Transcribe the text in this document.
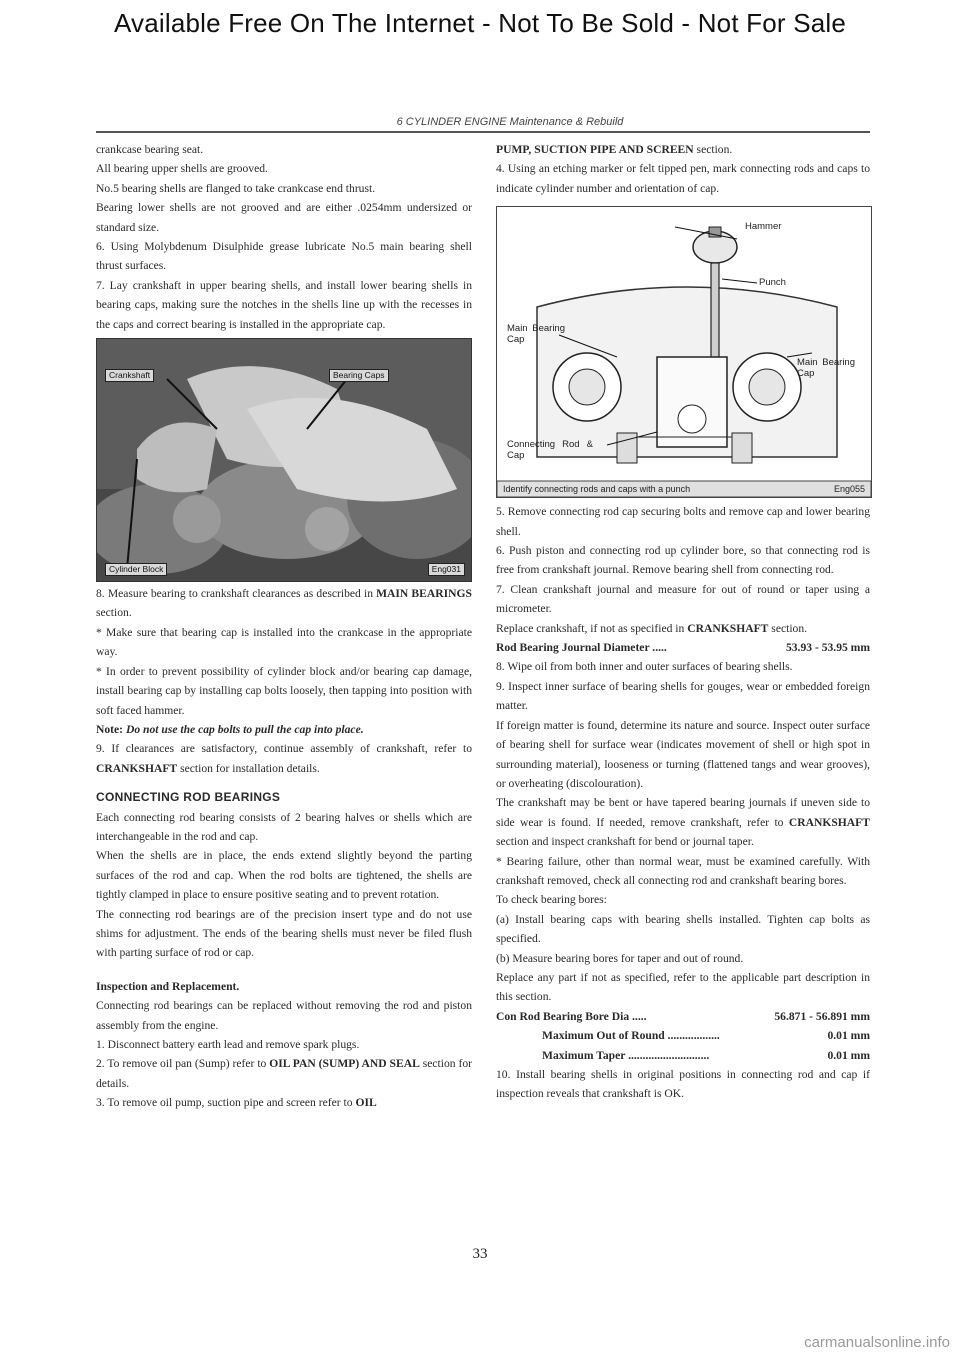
Available Free On The Internet - Not To Be Sold - Not For Sale
6 CYLINDER ENGINE Maintenance & Rebuild

crankcase bearing seat.

All bearing upper shells are grooved.

No.5 bearing shells are flanged to take crankcase end thrust.

Bearing lower shells are not grooved and are either .0254mm undersized or standard size.

6. Using Molybdenum Disulphide grease lubricate No.5 main bearing shell thrust surfaces.

7. Lay crankshaft in upper bearing shells, and install lower bearing shells in bearing caps, making sure the notches in the shells line up with the recesses in the caps and correct bearing is installed in the appropriate cap.

Crankshaft	Bearing Caps
Cylinder Block	Eng031

8. Measure bearing to crankshaft clearances as described in MAIN BEARINGS section.

* Make sure that bearing cap is installed into the crankcase in the appropriate way.

* In order to prevent possibility of cylinder block and/or bearing cap damage, install bearing cap by installing cap bolts loosely, then tapping into position with soft faced hammer.

Note: Do not use the cap bolts to pull the cap into place.

9. If clearances are satisfactory, continue assembly of crankshaft, refer to CRANKSHAFT section for installation details.

CONNECTING ROD BEARINGS

Each connecting rod bearing consists of 2 bearing halves or shells which are interchangeable in the rod and cap.

When the shells are in place, the ends extend slightly beyond the parting surfaces of the rod and cap. When the rod bolts are tightened, the shells are tightly clamped in place to ensure positive seating and to prevent rotation.

The connecting rod bearings are of the precision insert type and do not use shims for adjustment. The ends of the bearing shells must never be filed flush with parting surface of rod or cap.

Inspection and Replacement.

Connecting rod bearings can be replaced without removing the rod and piston assembly from the engine.

1. Disconnect battery earth lead and remove spark plugs.

2. To remove oil pan (Sump) refer to OIL PAN (SUMP) AND SEAL section for details.

3. To remove oil pump, suction pipe and screen refer to OIL

PUMP, SUCTION PIPE AND SCREEN section.

4. Using an etching marker or felt tipped pen, mark connecting rods and caps to indicate cylinder number and orientation of cap.

Hammer
Punch
Main Bearing Cap
Main Bearing Cap
Connecting Rod & Cap
Identify connecting rods and caps with a punch	Eng055

5. Remove connecting rod cap securing bolts and remove cap and lower bearing shell.

6. Push piston and connecting rod up cylinder bore, so that connecting rod is free from crankshaft journal. Remove bearing shell from connecting rod.

7. Clean crankshaft journal and measure for out of round or taper using a micrometer.

Replace crankshaft, if not as specified in CRANKSHAFT section.

Rod Bearing Journal Diameter .....	53.93 - 53.95 mm

8. Wipe oil from both inner and outer surfaces of bearing shells.

9. Inspect inner surface of bearing shells for gouges, wear or embedded foreign matter.

If foreign matter is found, determine its nature and source. Inspect outer surface of bearing shell for surface wear (indicates movement of shell or high spot in surrounding material), looseness or turning (flattened tangs and wear grooves), or overheating (discolouration).

The crankshaft may be bent or have tapered bearing journals if uneven side to side wear is found. If needed, remove crankshaft, refer to CRANKSHAFT section and inspect crankshaft for bend or journal taper.

* Bearing failure, other than normal wear, must be examined carefully. With crankshaft removed, check all connecting rod and crankshaft bearing bores.

To check bearing bores:

(a) Install bearing caps with bearing shells installed. Tighten cap bolts as specified.

(b) Measure bearing bores for taper and out of round.

Replace any part if not as specified, refer to the applicable part description in this section.

Con Rod Bearing Bore Dia .....	56.871 - 56.891 mm
Maximum Out of Round ..................	0.01 mm
Maximum Taper ............................	0.01 mm

10. Install bearing shells in original positions in connecting rod and cap if inspection reveals that crankshaft is OK.

33
carmanualsonline.info
